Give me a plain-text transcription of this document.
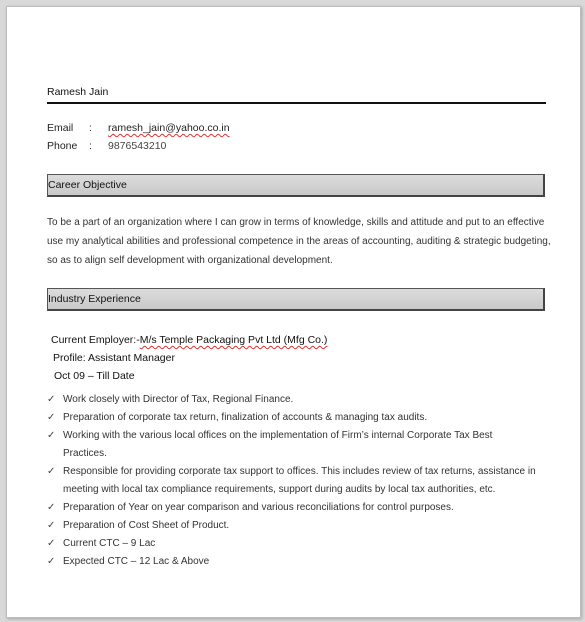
Ramesh Jain
Email : ramesh_jain@yahoo.co.in
Phone : 9876543210
Career Objective
To be a part of an organization where I can grow in terms of knowledge, skills and attitude and put to an effective use my analytical abilities and professional competence in the areas of accounting, auditing & strategic budgeting, so as to align self development with organizational development.
Industry Experience
Current Employer:-M/s Temple Packaging Pvt Ltd (Mfg Co.)
Profile: Assistant Manager
Oct 09 – Till Date
✓ Work closely with Director of Tax, Regional Finance.
✓ Preparation of corporate tax return, finalization of accounts & managing tax audits.
✓ Working with the various local offices on the implementation of Firm’s internal Corporate Tax Best Practices.
✓ Responsible for providing corporate tax support to offices. This includes review of tax returns, assistance in meeting with local tax compliance requirements, support during audits by local tax authorities, etc.
✓ Preparation of Year on year comparison and various reconciliations for control purposes.
✓ Preparation of Cost Sheet of Product.
✓ Current CTC – 9 Lac
✓ Expected CTC – 12 Lac & Above
